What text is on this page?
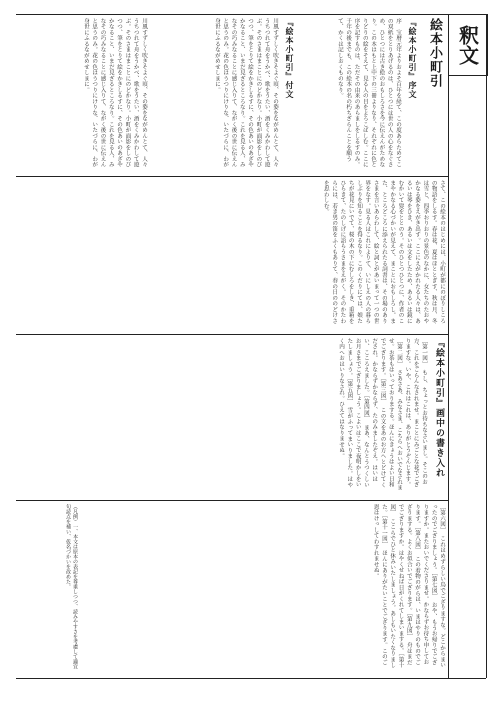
釈文
絵本小町引
『絵本小町引』序文
序　宝暦元年よりおよそ百年を経て、この度あらためてこの双紙をとりあげるのは、ひとつには世の人の心をなぐさめ、ひとつには古き絵のおもしろさを今に伝えんがためなり。この本はもと上中下の三冊よりなり、それぞれに色とりどりの絵をそえて、見る人の目をよろこばしむ。ここに序を記すものは、ただその由来のあらましをしるすのみ。千年の後までも、この絵本の名の朽ちざらんことを願うて、かくは記しおくものなり。
『絵本小町引』付文
川風すずしく吹きそよぐ頃、その姿をながめんとて、人々うちつれて舟をうかべ、歌をうたい、酒をくみかわして遊ぶ。そのさまはまことにのどかなり。小町が面影をしのびつつ、筆をとりて絵をかきしるすに、その色あいのあざやかなること、いまだ見ざるところなり。これを見る人、みなその巧みなることに感じ入りて、ながく後の世に伝えんと思うのみ。花の色はうつりにけりな、いたづらに、わが身世にふるながめせしまに。
川風すずしく吹きそよぐ頃、その姿をながめんとて、人々うちつれて舟をうかべ、歌をうたい、酒をくみかわして遊ぶ。そのさまはまことにのどかなり。小町が面影をしのびつつ、筆をとりて絵をかきしるすに、その色あいのあざやかなること、いまだ見ざるところなり。これを見る人、みなその巧みなることに感じ入りて、ながく後の世に伝えんと思うのみ。花の色はうつりにけりな、いたづらに、わが身世にふるながめせしまに。
さて、この絵本のはじめには、小町が都にのぼりしころの物語をしるす。春は花、夏はほととぎす、秋は月、冬は雪と、四季おりおりの景色のなかに、女たちのたおやかなる姿をえがき出す。ここにえがかれたる人々は、あるいは琴をひき、あるいは文をしたため、あるいは鏡にむかいて髪をととのう。そのひとつひとつに、作者のこまやかなる心づかいが見えて、まことにおもしろし。また、ところどころに添えられたる詞書は、その場のありさまを言いあらわして、絵と詞とがあいまって一つの世界をなす。見る人はこれによりて、いにしえの人の暮らしぶりを知ることを得るなり。このくだりにては、娘たちが花見にいでて、桜の木の下にむしろをしき、重箱をひらきて、たのしげに語らうさまをえがく。そのかたわらには、若き男の笛をふくもありて、春の日ののどけさを思わしむ。
『絵本小町引』画中の書き入れ
［第一図］　もし、ちょっとお待ちなさいまし。そこのお方、これをごらんなされませ。まことにみごとな花でござりますな。いや、これはこれは、ありがとうぞんじます。［第二図］　さあさあ、みなさま、こちらへおいでなされませ。お茶もはいっておりまする。ほんにきょうはよい日和でござります。［第三図］　この文をあのお方へとどけてくだされ。かならずかならず、たのみましたぞえ。はいはい、こころえました。［第四図］　まあ、なんとうつくしいお月さまでござりましょう。こよいはここで夜明かしをいたしましょう。［第五図］　雪がふってまいりました。はやく内へおはいりなされ。ひえてはなりませぬ。
［第六図］　これはめずらしい鳥でござりますな。どこからまいったのでござりましょう。［第七図］　おや、もうお帰りでござりますか。またおいでくださりませ。かならずお待ち申しております。［第八図］　この着物のがらは、いまはやりのものでござりまする。よくお似合いでござります。［第九図］　舟はまだでござりますか。はやくせねば日がくれてしまいまする。［第十図］　ここらでひと休みいたしましょう。あしもいたくなりました。［第十一図］　ほんにありがたいことでござります。このご恩はけっしてわすれませぬ。
（凡例）一、本文は原本の表記を尊重しつつ、読みやすさを考慮して適宜句読点を補い、仮名づかいを改めた。
